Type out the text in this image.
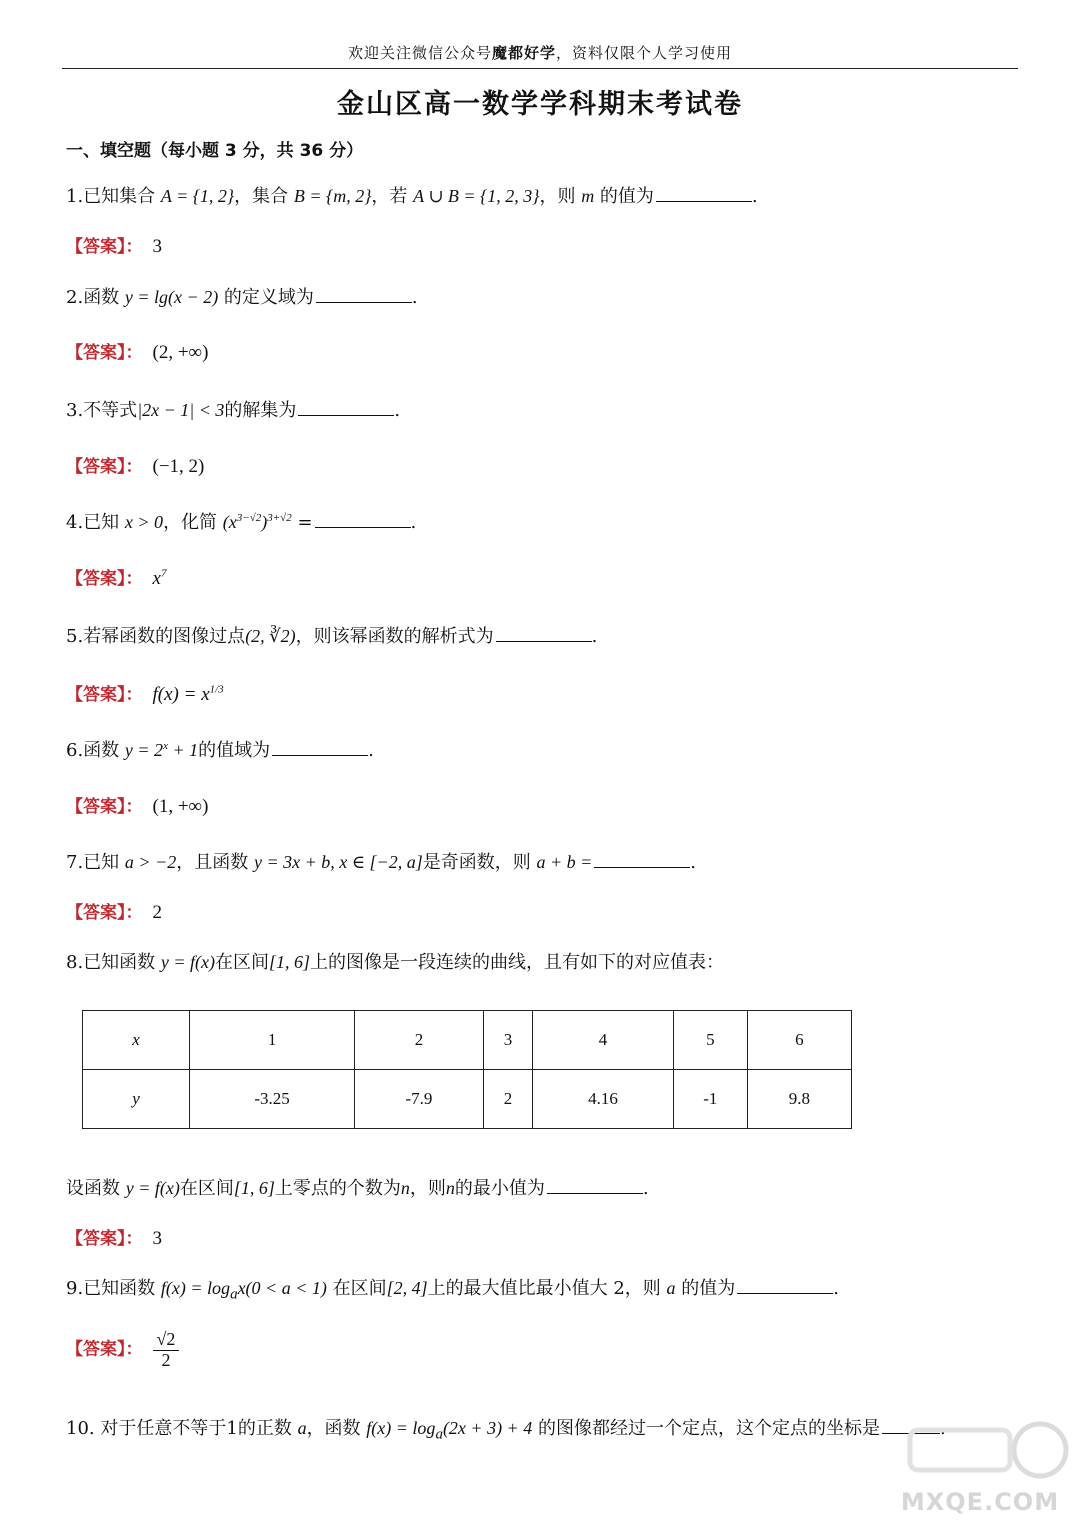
欢迎关注微信公众号魔都好学，资料仅限个人学习使用
金山区高一数学学科期末考试卷
一、填空题（每小题 3 分，共 36 分）
1.已知集合 A = {1, 2}，集合 B = {m, 2}，若 A ∪ B = {1, 2, 3}，则 m 的值为	.
【答案】： 3
2.函数 y = lg(x − 2) 的定义域为	.
【答案】： (2, +∞)
3.不等式|2x − 1| < 3的解集为	.
【答案】： (−1, 2)
4.已知 x > 0，化简 $(x^{3-√2})^{3+√2}$ =	.
【答案】： $x^7$
5.若幂函数的图像过点(2, ∛2)，则该幂函数的解析式为	.
【答案】： $f(x) = x^{1/3}$
6.函数 $y = 2^x + 1$的值域为	.
【答案】： (1, +∞)
7.已知 a > −2，且函数 y = 3x + b, x ∈ [−2, a]是奇函数，则 a + b =	.
【答案】： 2
8.已知函数 y = f(x)在区间[1, 6]上的图像是一段连续的曲线，且有如下的对应值表：
x	1	2	3	4	5	6
y	-3.25	-7.9	2	4.16	-1	9.8
设函数 y = f(x)在区间[1, 6]上零点的个数为n，则n的最小值为	.
【答案】： 3
9.已知函数 $f(x) = \log_ax(0 < a < 1)$ 在区间[2, 4]上的最大值比最小值大 2，则 a 的值为	.
【答案】： $\frac{√2}{2}$
10. 对于任意不等于1的正数 a，函数 $f(x) = \log_a(2x + 3) + 4$ 的图像都经过一个定点，这个定点的坐标是	.
MXQE.COM
